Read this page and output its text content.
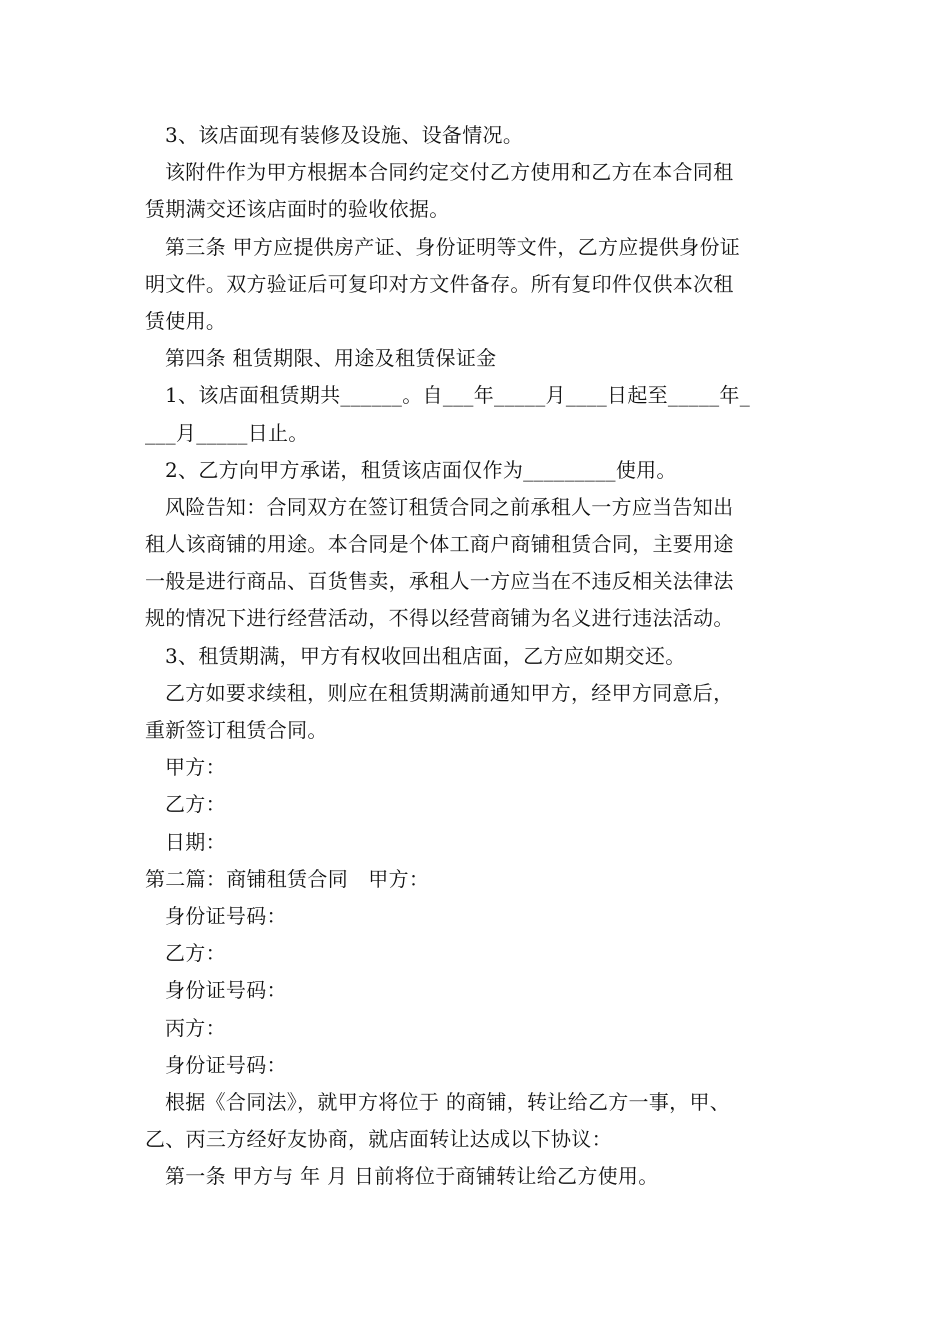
3、该店面现有装修及设施、设备情况。
该附件作为甲方根据本合同约定交付乙方使用和乙方在本合同租
赁期满交还该店面时的验收依据。
第三条 甲方应提供房产证、身份证明等文件，乙方应提供身份证
明文件。双方验证后可复印对方文件备存。所有复印件仅供本次租
赁使用。
第四条 租赁期限、用途及租赁保证金
1、该店面租赁期共______。自___年_____月____日起至_____年_
___月_____日止。
2、乙方向甲方承诺，租赁该店面仅作为_________使用。
风险告知：合同双方在签订租赁合同之前承租人一方应当告知出
租人该商铺的用途。本合同是个体工商户商铺租赁合同，主要用途
一般是进行商品、百货售卖，承租人一方应当在不违反相关法律法
规的情况下进行经营活动，不得以经营商铺为名义进行违法活动。
3、租赁期满，甲方有权收回出租店面，乙方应如期交还。
乙方如要求续租，则应在租赁期满前通知甲方，经甲方同意后，
重新签订租赁合同。
甲方：
乙方：
日期：
第二篇：商铺租赁合同　甲方：
身份证号码：
乙方：
身份证号码：
丙方：
身份证号码：
根据《合同法》，就甲方将位于 的商铺，转让给乙方一事，甲、
乙、丙三方经好友协商，就店面转让达成以下协议：
第一条 甲方与 年 月 日前将位于商铺转让给乙方使用。
